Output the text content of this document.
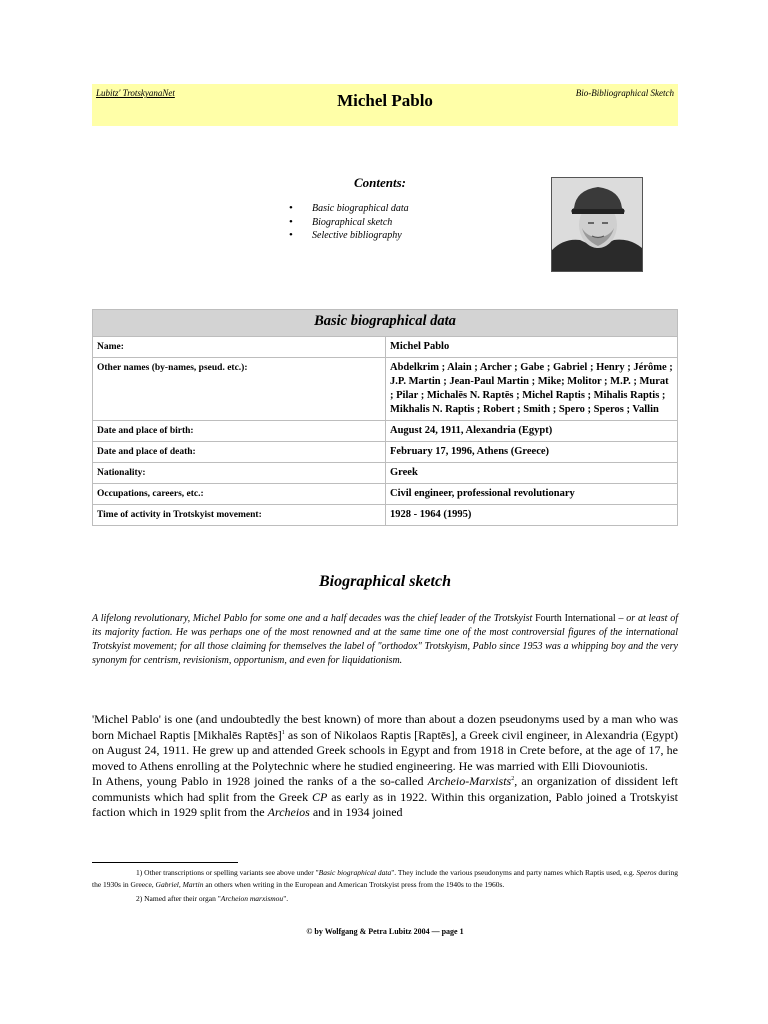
Lubitz' TrotskyanaNet	Michel Pablo	Bio-Bibliographical Sketch
Contents:
• Basic biographical data
• Biographical sketch
• Selective bibliography
Basic biographical data	
Name:	Michel Pablo
Other names (by-names, pseud. etc.):	Abdelkrim ; Alain ; Archer ; Gabe ; Gabriel ; Henry ; Jérôme ; J.P. Martin ; Jean-Paul Martin ; Mike; Molitor ; M.P. ; Murat ; Pilar ; Michalēs N. Raptēs ; Michel Raptis ; Mihalis Raptis ; Mikhalis N. Raptis ; Robert ; Smith ; Spero ; Speros ; Vallin
Date and place of birth:	August 24, 1911, Alexandria (Egypt)
Date and place of death:	February 17, 1996, Athens (Greece)
Nationality:	Greek
Occupations, careers, etc.:	Civil engineer, professional revolutionary
Time of activity in Trotskyist movement:	1928 - 1964 (1995)
Biographical sketch

A lifelong revolutionary, Michel Pablo for some one and a half decades was the chief leader of the Trotskyist Fourth International – or at least of its majority faction. He was perhaps one of the most renowned and at the same time one of the most controversial figures of the international Trotskyist movement; for all those claiming for themselves the label of "orthodox" Trotskyism, Pablo since 1953 was a whipping boy and the very synonym for centrism, revisionism, opportunism, and even for liquidationism.

'Michel Pablo' is one (and undoubtedly the best known) of more than about a dozen pseudonyms used by a man who was born Michael Raptis [Mikhalēs Raptēs]$^1$ as son of Nikolaos Raptis [Raptēs], a Greek civil engineer, in Alexandria (Egypt) on August 24, 1911. He grew up and attended Greek schools in Egypt and from 1918 in Crete before, at the age of 17, he moved to Athens enrolling at the Polytechnic where he studied engineering. He was married with Elli Diovouniotis.

In Athens, young Pablo in 1928 joined the ranks of a the so-called Archeio-Marxists$^2$, an organization of dissident left communists which had split from the Greek CP as early as in 1922. Within this organization, Pablo joined a Trotskyist faction which in 1929 split from the Archeios and in 1934 joined

1) Other transcriptions or spelling variants see above under "Basic biographical data". They include the various pseudonyms and party names which Raptis used, e.g. Speros during the 1930s in Greece, Gabriel, Martin an others when writing in the European and American Trotskyist press from the 1940s to the 1960s.

2) Named after their organ "Archeion marxismou".

© by Wolfgang & Petra Lubitz 2004 — page 1
